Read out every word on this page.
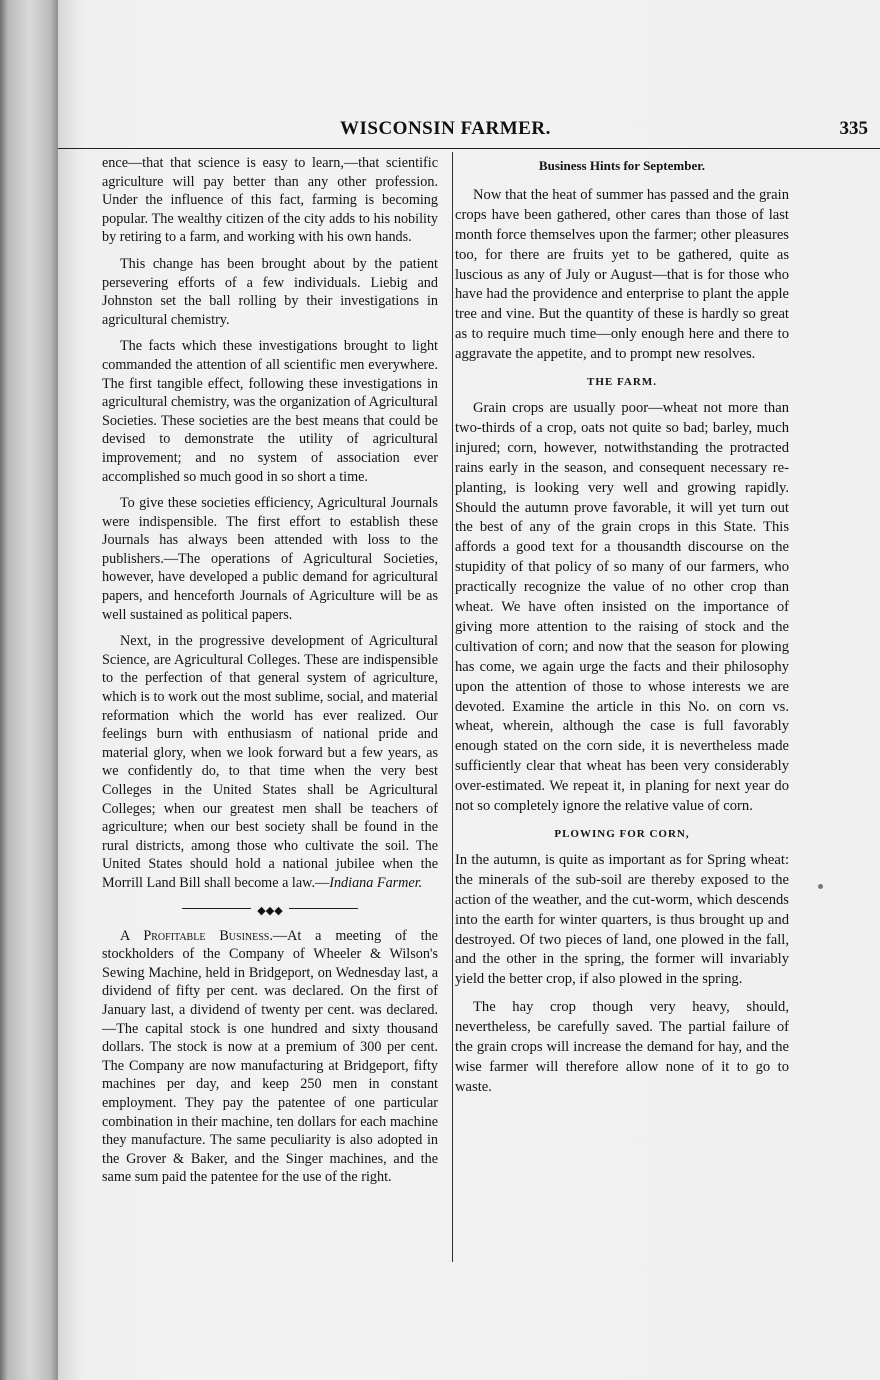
WISCONSIN FARMER.	335

ence—that that science is easy to learn,—that scientific agriculture will pay better than any other profession. Under the influence of this fact, farming is becoming popular. The wealthy citizen of the city adds to his nobility by retiring to a farm, and working with his own hands.

This change has been brought about by the patient persevering efforts of a few individuals. Liebig and Johnston set the ball rolling by their investigations in agricultural chemistry.

The facts which these investigations brought to light commanded the attention of all scientific men everywhere. The first tangible effect, following these investigations in agricultural chemistry, was the organization of Agricultural Societies. These societies are the best means that could be devised to demonstrate the utility of agricultural improvement; and no system of association ever accomplished so much good in so short a time.

To give these societies efficiency, Agricultural Journals were indispensible. The first effort to establish these Journals has always been attended with loss to the publishers.—The operations of Agricultural Societies, however, have developed a public demand for agricultural papers, and henceforth Journals of Agriculture will be as well sustained as political papers.

Next, in the progressive development of Agricultural Science, are Agricultural Colleges. These are indispensible to the perfection of that general system of agriculture, which is to work out the most sublime, social, and material reformation which the world has ever realized. Our feelings burn with enthusiasm of national pride and material glory, when we look forward but a few years, as we confidently do, to that time when the very best Colleges in the United States shall be Agricultural Colleges; when our greatest men shall be teachers of agriculture; when our best society shall be found in the rural districts, among those who cultivate the soil. The United States should hold a national jubilee when the Morrill Land Bill shall become a law.—Indiana Farmer.

◆◆◆

A Profitable Business.—At a meeting of the stockholders of the Company of Wheeler & Wilson's Sewing Machine, held in Bridgeport, on Wednesday last, a dividend of fifty per cent. was declared. On the first of January last, a dividend of twenty per cent. was declared.—The capital stock is one hundred and sixty thousand dollars. The stock is now at a premium of 300 per cent. The Company are now manufacturing at Bridgeport, fifty machines per day, and keep 250 men in constant employment. They pay the patentee of one particular combination in their machine, ten dollars for each machine they manufacture. The same peculiarity is also adopted in the Grover & Baker, and the Singer machines, and the same sum paid the patentee for the use of the right.

Business Hints for September.

Now that the heat of summer has passed and the grain crops have been gathered, other cares than those of last month force themselves upon the farmer; other pleasures too, for there are fruits yet to be gathered, quite as luscious as any of July or August—that is for those who have had the providence and enterprise to plant the apple tree and vine. But the quantity of these is hardly so great as to require much time—only enough here and there to aggravate the appetite, and to prompt new resolves.

THE FARM.

Grain crops are usually poor—wheat not more than two-thirds of a crop, oats not quite so bad; barley, much injured; corn, however, notwithstanding the protracted rains early in the season, and consequent necessary re-planting, is looking very well and growing rapidly. Should the autumn prove favorable, it will yet turn out the best of any of the grain crops in this State. This affords a good text for a thousandth discourse on the stupidity of that policy of so many of our farmers, who practically recognize the value of no other crop than wheat. We have often insisted on the importance of giving more attention to the raising of stock and the cultivation of corn; and now that the season for plowing has come, we again urge the facts and their philosophy upon the attention of those to whose interests we are devoted. Examine the article in this No. on corn vs. wheat, wherein, although the case is full favorably enough stated on the corn side, it is nevertheless made sufficiently clear that wheat has been very considerably over-estimated. We repeat it, in planing for next year do not so completely ignore the relative value of corn.

PLOWING FOR CORN,

In the autumn, is quite as important as for Spring wheat: the minerals of the sub-soil are thereby exposed to the action of the weather, and the cut-worm, which descends into the earth for winter quarters, is thus brought up and destroyed. Of two pieces of land, one plowed in the fall, and the other in the spring, the former will invariably yield the better crop, if also plowed in the spring.

The hay crop though very heavy, should, nevertheless, be carefully saved. The partial failure of the grain crops will increase the demand for hay, and the wise farmer will therefore allow none of it to go to waste.
